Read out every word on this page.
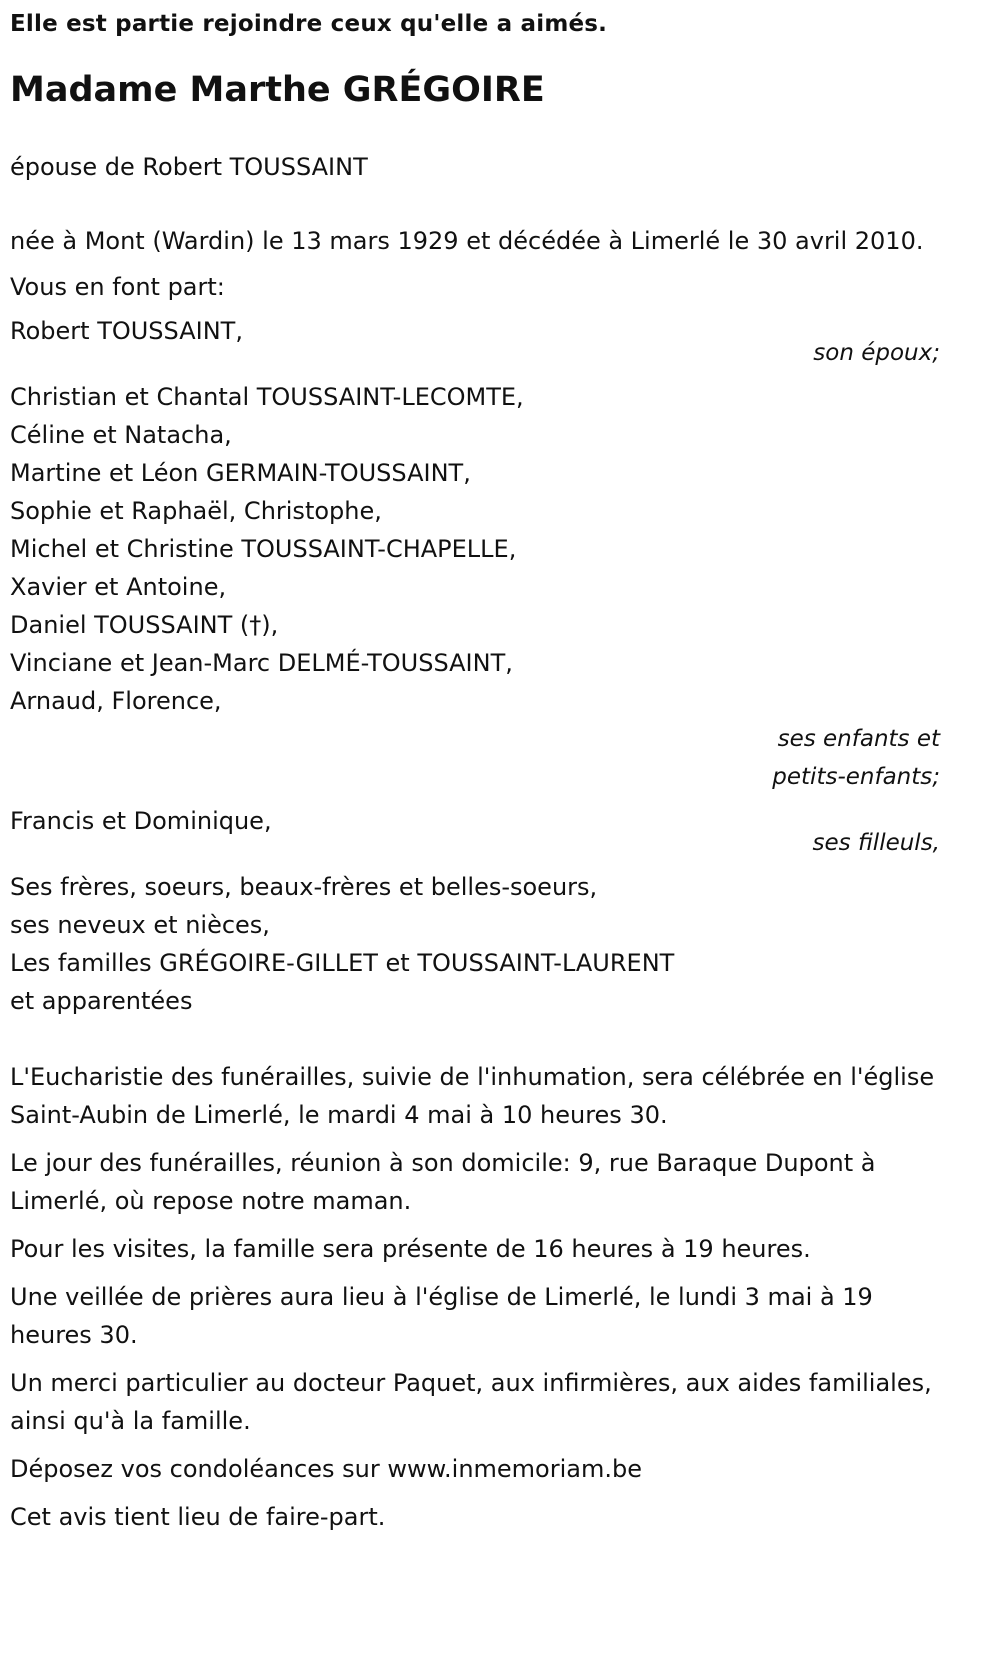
Elle est partie rejoindre ceux qu'elle a aimés.
Madame Marthe GRÉGOIRE

épouse de Robert TOUSSAINT

née à Mont (Wardin) le 13 mars 1929 et décédée à Limerlé le 30 avril 2010.

Vous en font part:

Robert TOUSSAINT,

son époux;

Christian et Chantal TOUSSAINT-LECOMTE,
Céline et Natacha,
Martine et Léon GERMAIN-TOUSSAINT,
Sophie et Raphaël, Christophe,
Michel et Christine TOUSSAINT-CHAPELLE,
Xavier et Antoine,
Daniel TOUSSAINT (†),
Vinciane et Jean-Marc DELMÉ-TOUSSAINT,
Arnaud, Florence,

ses enfants et

petits-enfants;

Francis et Dominique,

ses filleuls,

Ses frères, soeurs, beaux-frères et belles-soeurs,
ses neveux et nièces,
Les familles GRÉGOIRE-GILLET et TOUSSAINT-LAURENT
et apparentées

L'Eucharistie des funérailles, suivie de l'inhumation, sera célébrée en l'église Saint-Aubin de Limerlé, le mardi 4 mai à 10 heures 30.

Le jour des funérailles, réunion à son domicile: 9, rue Baraque Dupont à Limerlé, où repose notre maman.

Pour les visites, la famille sera présente de 16 heures à 19 heures.

Une veillée de prières aura lieu à l'église de Limerlé, le lundi 3 mai à 19 heures 30.

Un merci particulier au docteur Paquet, aux infirmières, aux aides familiales, ainsi qu'à la famille.

Déposez vos condoléances sur www.inmemoriam.be

Cet avis tient lieu de faire-part.
